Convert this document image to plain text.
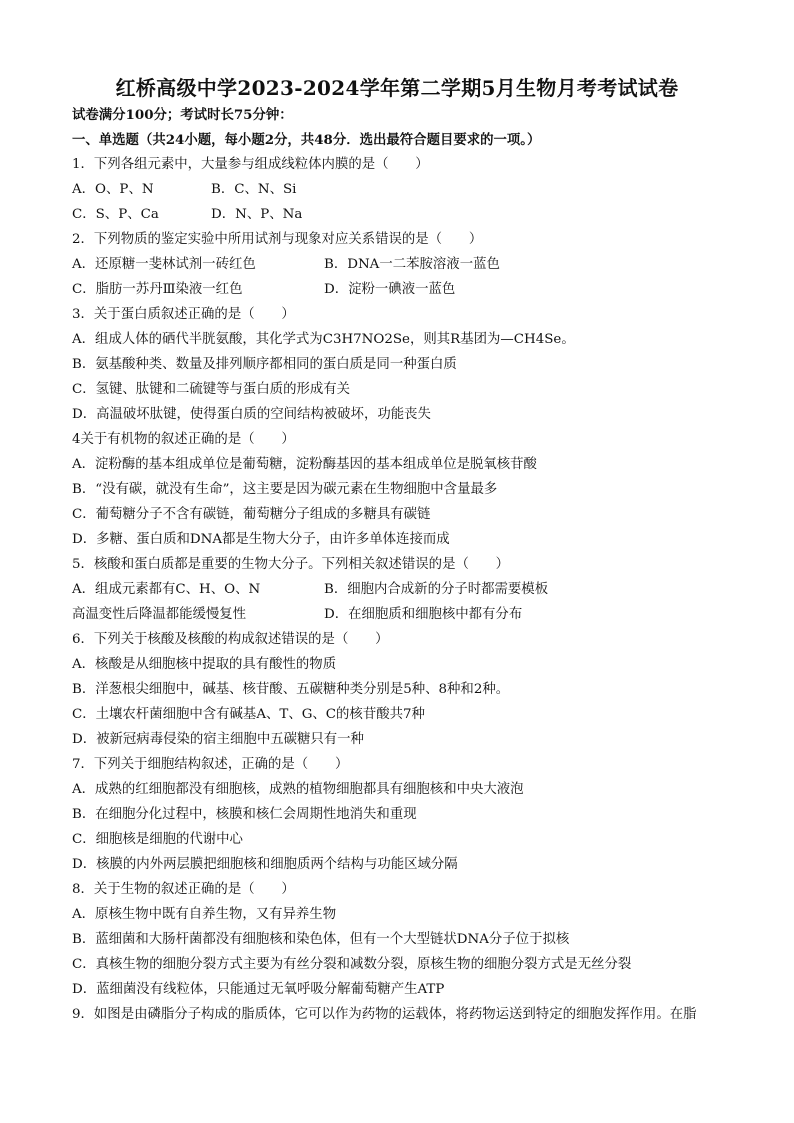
红桥高级中学2023-2024学年第二学期5月生物月考考试试卷
试卷满分100分；考试时长75分钟：
一、单选题（共24小题，每小题2分，共48分．选出最符合题目要求的一项。）
1．下列各组元素中，大量参与组成线粒体内膜的是（　　）
A．O、P、N	B．C、N、Si
C．S、P、Ca	D．N、P、Na
2．下列物质的鉴定实验中所用试剂与现象对应关系错误的是（　　）
A．还原糖一斐林试剂一砖红色	B．DNA一二苯胺溶液一蓝色
C．脂肪一苏丹Ⅲ染液一红色	D．淀粉一碘液一蓝色
3．关于蛋白质叙述正确的是（　　）
A．组成人体的硒代半胱氨酸，其化学式为C3H7NO2Se，则其R基团为—CH4Se。
B．氨基酸种类、数量及排列顺序都相同的蛋白质是同一种蛋白质
C．氢键、肽键和二硫键等与蛋白质的形成有关
D．高温破坏肽键，使得蛋白质的空间结构被破坏，功能丧失
4关于有机物的叙述正确的是（　　）
A．淀粉酶的基本组成单位是葡萄糖，淀粉酶基因的基本组成单位是脱氧核苷酸
B．“没有碳，就没有生命”，这主要是因为碳元素在生物细胞中含量最多
C．葡萄糖分子不含有碳链，葡萄糖分子组成的多糖具有碳链
D．多糖、蛋白质和DNA都是生物大分子，由许多单体连接而成
5．核酸和蛋白质都是重要的生物大分子。下列相关叙述错误的是（　　）
A．组成元素都有C、H、O、N	B．细胞内合成新的分子时都需要模板
高温变性后降温都能缓慢复性	D．在细胞质和细胞核中都有分布
6．下列关于核酸及核酸的构成叙述错误的是（　　）
A．核酸是从细胞核中提取的具有酸性的物质
B．洋葱根尖细胞中，碱基、核苷酸、五碳糖种类分别是5种、8种和2种。
C．土壤农杆菌细胞中含有碱基A、T、G、C的核苷酸共7种
D．被新冠病毒侵染的宿主细胞中五碳糖只有一种
7．下列关于细胞结构叙述，正确的是（　　）
A．成熟的红细胞都没有细胞核，成熟的植物细胞都具有细胞核和中央大液泡
B．在细胞分化过程中，核膜和核仁会周期性地消失和重现
C．细胞核是细胞的代谢中心
D．核膜的内外两层膜把细胞核和细胞质两个结构与功能区域分隔
8．关于生物的叙述正确的是（　　）
A．原核生物中既有自养生物，又有异养生物
B．蓝细菌和大肠杆菌都没有细胞核和染色体，但有一个大型链状DNA分子位于拟核
C．真核生物的细胞分裂方式主要为有丝分裂和减数分裂，原核生物的细胞分裂方式是无丝分裂
D．蓝细菌没有线粒体，只能通过无氧呼吸分解葡萄糖产生ATP
9．如图是由磷脂分子构成的脂质体，它可以作为药物的运载体，将药物运送到特定的细胞发挥作用。在脂
